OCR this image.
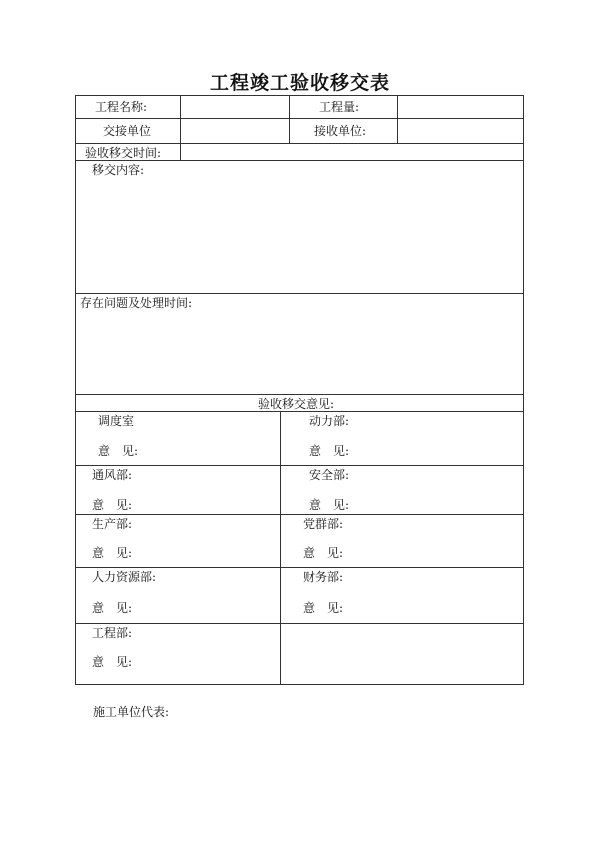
工程竣工验收移交表
工程名称:	工程量:
交接单位	接收单位:
验收移交时间:
移交内容:
存在问题及处理时间:
验收移交意见:
调度室
意　见:
动力部:
意　见:
通风部:
意　见:
安全部:
意　见:
生产部:
意　见:
党群部:
意　见:
人力资源部:
意　见:
财务部:
意　见:
工程部:
意　见:
施工单位代表:
